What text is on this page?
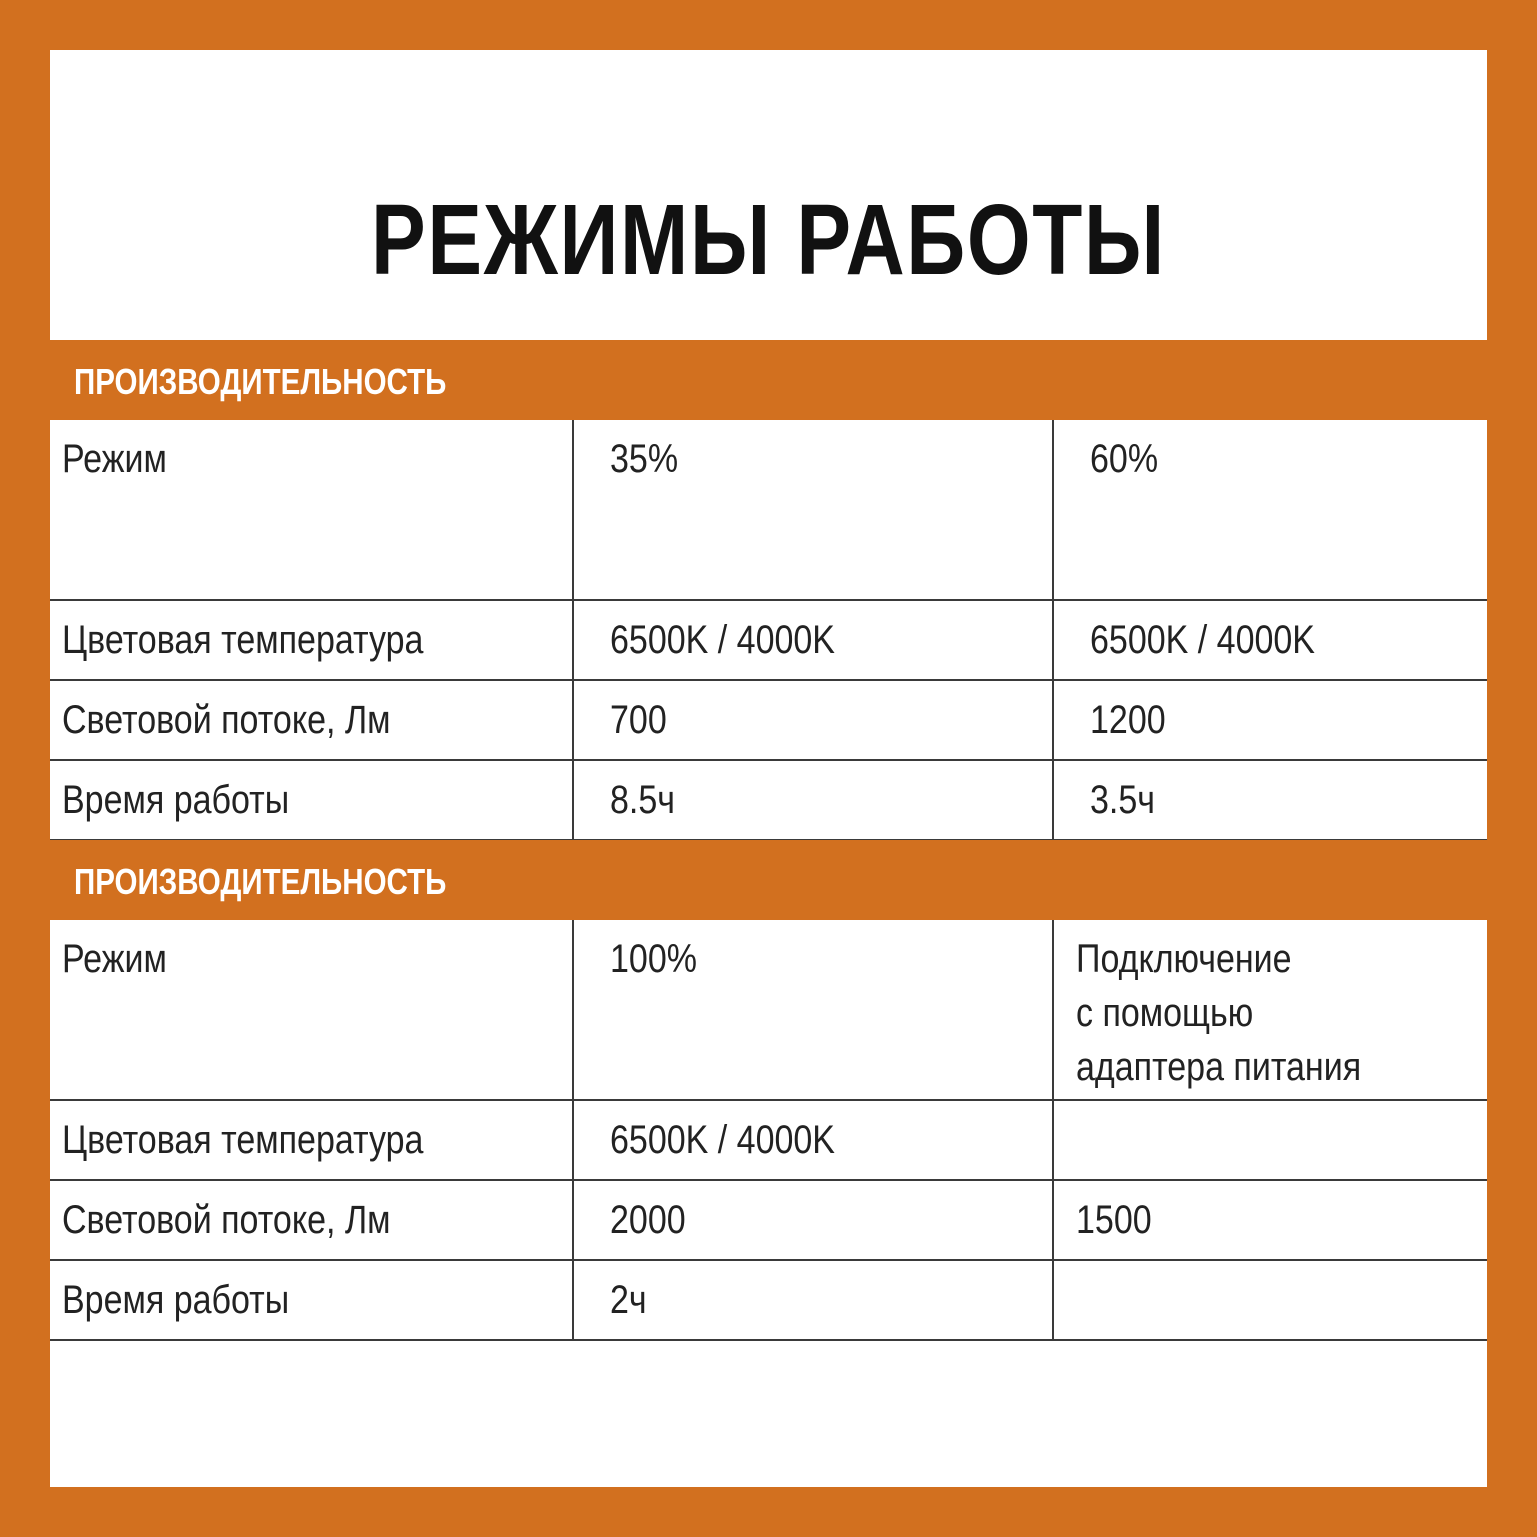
РЕЖИМЫ РАБОТЫ
ПРОИЗВОДИТЕЛЬНОСТЬ
Режим	35%	60%
Цветовая температура	6500K / 4000K	6500K / 4000K
Световой потоке, Лм	700	1200
Время работы	8.5ч	3.5ч
ПРОИЗВОДИТЕЛЬНОСТЬ
Режим	100%	Подключение
с помощью
адаптера питания
Цветовая температура	6500K / 4000K	
Световой потоке, Лм	2000	1500
Время работы	2ч	
